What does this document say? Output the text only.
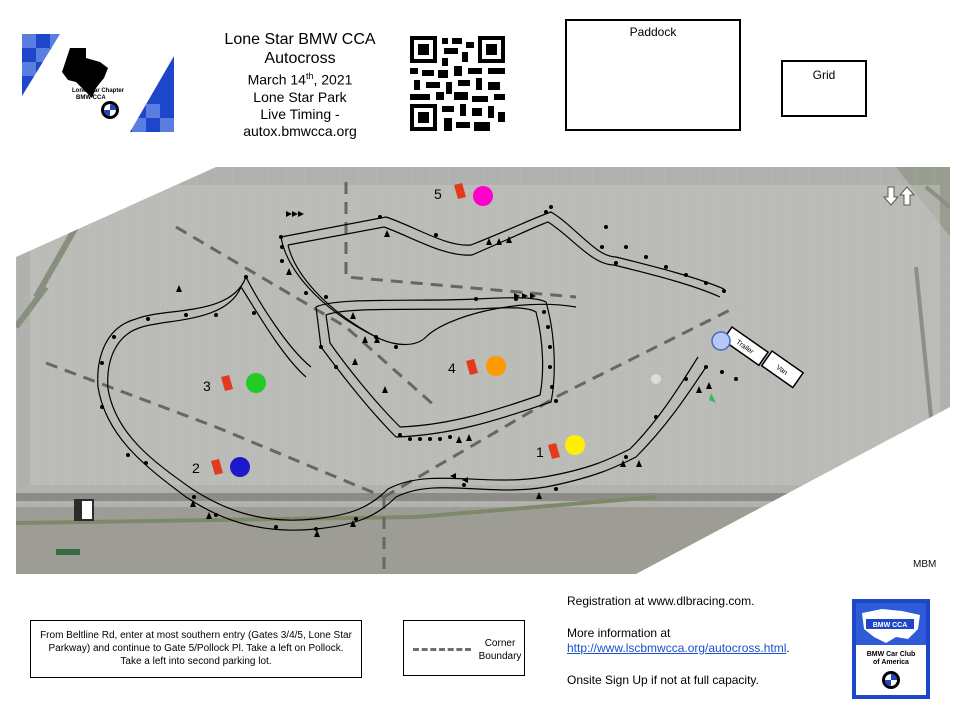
Lone Star Chapter
BMW CCA
Lone Star BMW CCA
Autocross
March 14th, 2021
Lone Star Park
Live Timing -
autox.bmwcca.org
Paddock
Grid
Trailer
Van
1
2
3
4
5
MBM
From Beltline Rd, enter at most southern entry (Gates 3/4/5, Lone Star Parkway) and continue to Gate 5/Pollock Pl. Take a left on Pollock. Take a left into second parking lot.
Corner
Boundary

Registration at www.dlbracing.com.

More information at

http://www.lscbmwcca.org/autocross.html.

Onsite Sign Up if not at full capacity.

BMW CCA
BMW Car Club
of America
